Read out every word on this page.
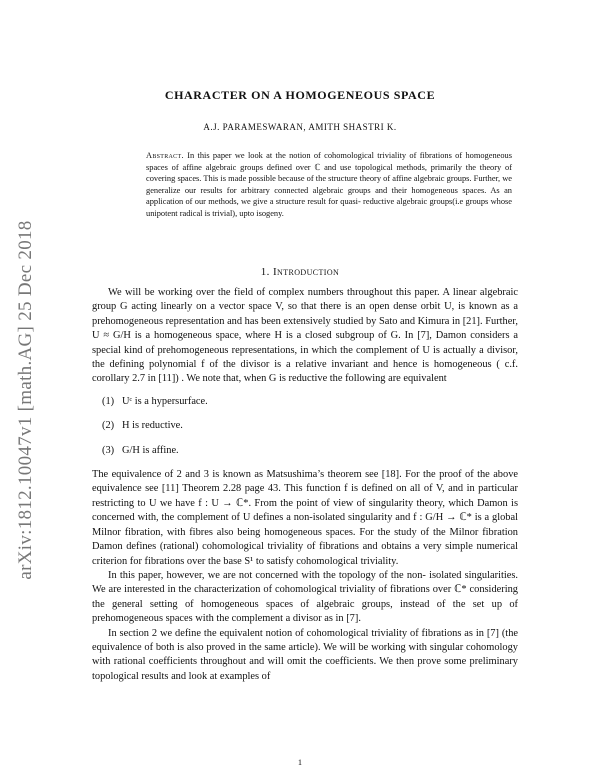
arXiv:1812.10047v1 [math.AG] 25 Dec 2018
CHARACTER ON A HOMOGENEOUS SPACE
A.J. PARAMESWARAN, AMITH SHASTRI K.
Abstract. In this paper we look at the notion of cohomological triviality of fibrations of homogeneous spaces of affine algebraic groups defined over ℂ and use topological methods, primarily the theory of covering spaces. This is made possible because of the structure theory of affine algebraic groups. Further, we generalize our results for arbitrary connected algebraic groups and their homogeneous spaces. As an application of our methods, we give a structure result for quasi- reductive algebraic groups(i.e groups whose unipotent radical is trivial), upto isogeny.
1. Introduction

We will be working over the field of complex numbers throughout this paper. A linear algebraic group G acting linearly on a vector space V, so that there is an open dense orbit U, is known as a prehomogeneous representation and has been extensively studied by Sato and Kimura in [21]. Further, U ≈ G/H is a homogeneous space, where H is a closed subgroup of G. In [7], Damon considers a special kind of prehomogeneous representations, in which the complement of U is actually a divisor, the defining polynomial f of the divisor is a relative invariant and hence is homogeneous ( c.f. corollary 2.7 in [11]) . We note that, when G is reductive the following are equivalent

(1) Uᶜ is a hypersurface.
(2) H is reductive.
(3) G/H is affine.

The equivalence of 2 and 3 is known as Matsushima’s theorem see [18]. For the proof of the above equivalence see [11] Theorem 2.28 page 43. This function f is defined on all of V, and in particular restricting to U we have f : U → ℂ*. From the point of view of singularity theory, which Damon is concerned with, the complement of U defines a non-isolated singularity and f : G/H → ℂ* is a global Milnor fibration, with fibres also being homogeneous spaces. For the study of the Milnor fibration Damon defines (rational) cohomological triviality of fibrations and obtains a very simple numerical criterion for fibrations over the base S¹ to satisfy cohomological triviality.

In this paper, however, we are not concerned with the topology of the non- isolated singularities. We are interested in the characterization of cohomological triviality of fibrations over ℂ* considering the general setting of homogeneous spaces of algebraic groups, instead of the set up of prehomogeneous spaces with the complement a divisor as in [7].

In section 2 we define the equivalent notion of cohomological triviality of fibrations as in [7] (the equivalence of both is also proved in the same article). We will be working with singular cohomology with rational coefficients throughout and will omit the coefficients. We then prove some preliminary topological results and look at examples of

1
